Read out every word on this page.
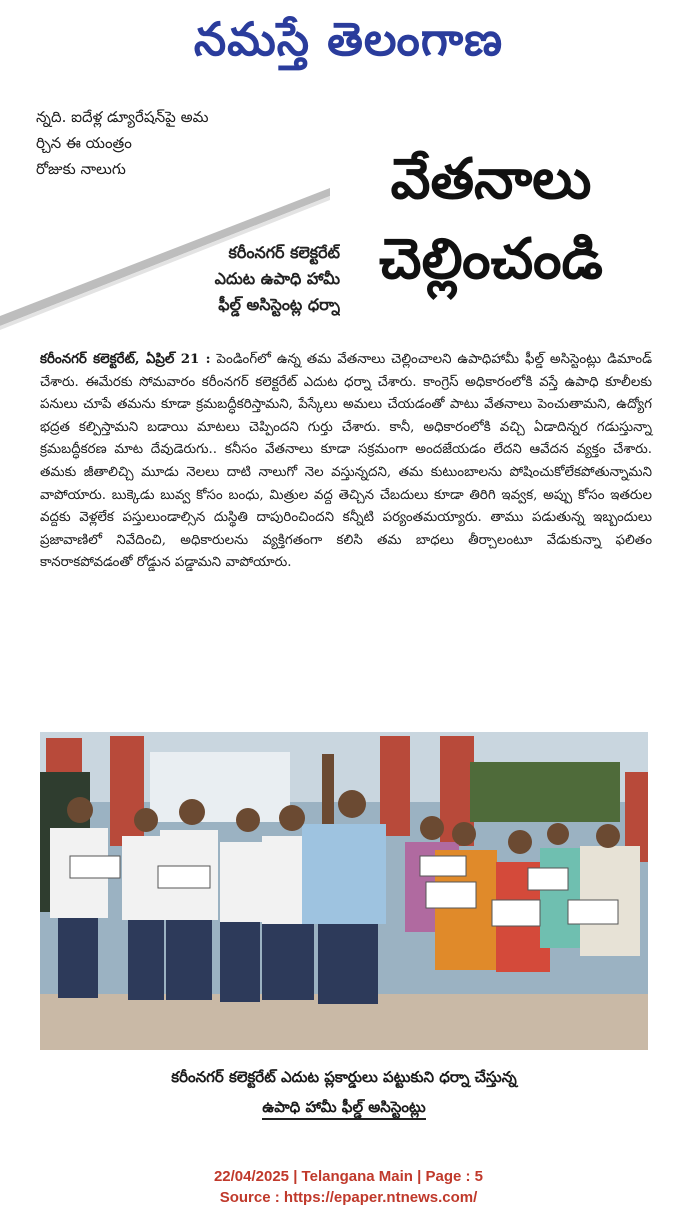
నమస్తే తెలంగాణ
న్నది. ఐదేళ్ల డ్యూరేషన్‌పై అమ
ర్చిన ఈ యంత్రం
రోజుకు నాలుగు	వేతనాలు
చెల్లించండి
కరీంనగర్ కలెక్టరేట్
ఎదుట ఉపాధి హామీ
ఫీల్డ్ అసిస్టెంట్ల ధర్నా
కరీంనగర్ కలెక్టరేట్, ఏప్రిల్ 21 : పెండింగ్‌లో ఉన్న తమ వేతనాలు చెల్లించాలని ఉపాధిహామీ ఫీల్డ్ అసిస్టెంట్లు డిమాండ్ చేశారు. ఈమేరకు సోమవారం కరీంనగర్ కలెక్టరేట్ ఎదుట ధర్నా చేశారు. కాంగ్రెస్ అధికారంలోకి వస్తే ఉపాధి కూలీలకు పనులు చూపే తమను కూడా క్రమబద్ధీకరిస్తామని, పేస్కేలు అమలు చేయడంతో పాటు వేతనాలు పెంచుతామని, ఉద్యోగ భద్రత కల్పిస్తామని బడాయి మాటలు చెప్పిందని గుర్తు చేశారు. కానీ, అధికారంలోకి వచ్చి ఏడాదిన్నర గడుస్తున్నా క్రమబద్ధీకరణ మాట దేవుడెరుగు.. కనీసం వేతనాలు కూడా సక్రమంగా అందజేయడం లేదని ఆవేదన వ్యక్తం చేశారు. తమకు జీతాలిచ్చి మూడు నెలలు దాటి నాలుగో నెల వస్తున్నదని, తమ కుటుంబాలను పోషించుకోలేకపోతున్నామని వాపోయారు. బుక్కెడు బువ్వ కోసం బంధు, మిత్రుల వద్ద తెచ్చిన చేబదులు కూడా తిరిగి ఇవ్వక, అప్పు కోసం ఇతరుల వద్దకు వెళ్లలేక పస్తులుండాల్సిన దుస్థితి దాపురించిందని కన్నీటి పర్యంతమయ్యారు. తాము పడుతున్న ఇబ్బందులు ప్రజావాణిలో నివేదించి, అధికారులను వ్యక్తిగతంగా కలిసి తమ బాధలు తీర్చాలంటూ వేడుకున్నా ఫలితం కానరాకపోవడంతో రోడ్డున పడ్డామని వాపోయారు.
కరీంనగర్ కలెక్టరేట్ ఎదుట ప్లకార్డులు పట్టుకుని ధర్నా చేస్తున్న
ఉపాధి హామీ ఫీల్డ్ అసిస్టెంట్లు
22/04/2025 | Telangana Main | Page : 5
Source : https://epaper.ntnews.com/
